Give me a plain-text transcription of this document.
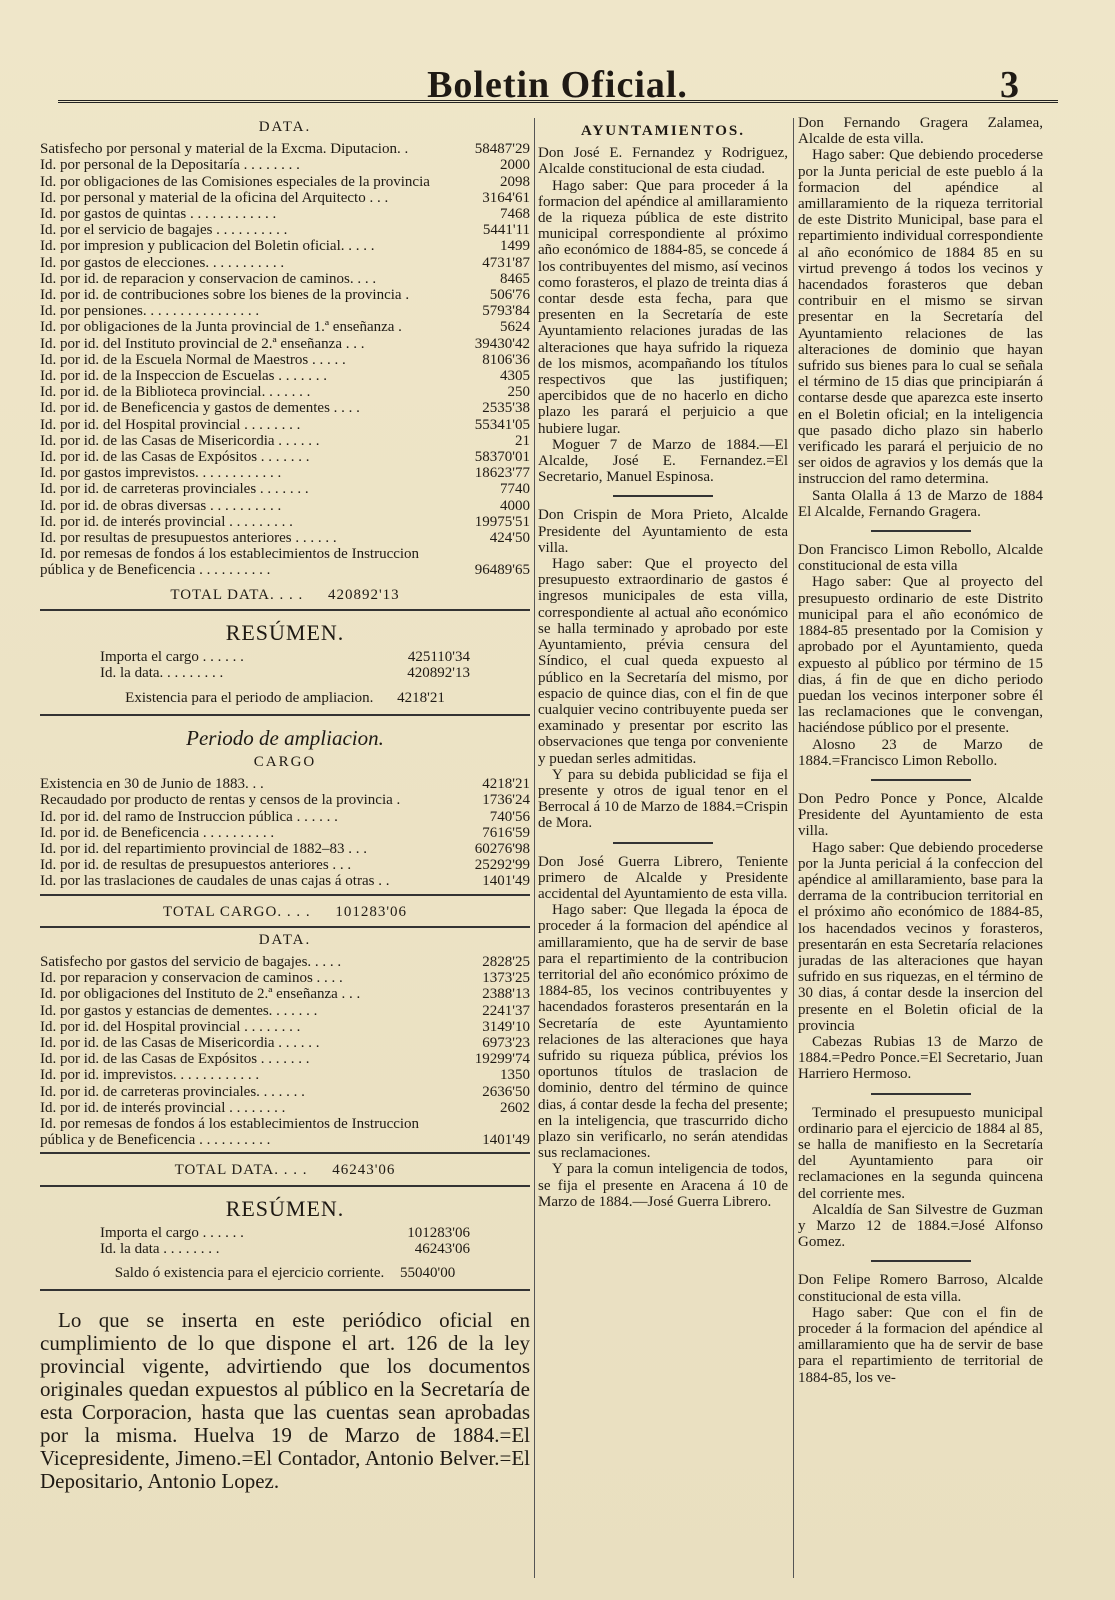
Boletin Oficial.	3
DATA.
Satisfecho por personal y material de la Excma. Diputacion. .	58487'29
Id. por personal de la Depositaría . . . . . . . .	2000
Id. por obligaciones de las Comisiones especiales de la provincia	2098
Id. por personal y material de la oficina del Arquitecto . . .	3164'61
Id. por gastos de quintas . . . . . . . . . . . .	7468
Id. por el servicio de bagajes . . . . . . . . . .	5441'11
Id. por impresion y publicacion del Boletin oficial. . . . .	1499
Id. por gastos de elecciones. . . . . . . . . . .	4731'87
Id. por id. de reparacion y conservacion de caminos. . . .	8465
Id. por id. de contribuciones sobre los bienes de la provincia .	506'76
Id. por pensiones. . . . . . . . . . . . . . . .	5793'84
Id. por obligaciones de la Junta provincial de 1.ª enseñanza .	5624
Id. por id. del Instituto provincial de 2.ª enseñanza . . .	39430'42
Id. por id. de la Escuela Normal de Maestros . . . . .	8106'36
Id. por id. de la Inspeccion de Escuelas . . . . . . .	4305
Id. por id. de la Biblioteca provincial. . . . . . .	250
Id. por id. de Beneficencia y gastos de dementes . . . .	2535'38
Id. por id. del Hospital provincial . . . . . . . .	55341'05
Id. por id. de las Casas de Misericordia . . . . . .	21
Id. por id. de las Casas de Expósitos . . . . . . .	58370'01
Id. por gastos imprevistos. . . . . . . . . . . .	18623'77
Id. por id. de carreteras provinciales . . . . . . .	7740
Id. por id. de obras diversas . . . . . . . . . .	4000
Id. por id. de interés provincial . . . . . . . . .	19975'51
Id. por resultas de presupuestos anteriores . . . . . .	424'50
Id. por remesas de fondos á los establecimientos de Instruccion
pública y de Beneficencia . . . . . . . . . .	96489'65
TOTAL DATA. . . . 420892'13
RESÚMEN.
Importa el cargo . . . . . .	425110'34
Id. la data. . . . . . . . .	420892'13
Existencia para el periodo de ampliacion. 4218'21
Periodo de ampliacion.
CARGO
Existencia en 30 de Junio de 1883. . .	4218'21
Recaudado por producto de rentas y censos de la provincia .	1736'24
Id. por id. del ramo de Instruccion pública . . . . . .	740'56
Id. por id. de Beneficencia . . . . . . . . . .	7616'59
Id. por id. del repartimiento provincial de 1882–83 . . .	60276'98
Id. por id. de resultas de presupuestos anteriores . . .	25292'99
Id. por las traslaciones de caudales de unas cajas á otras . .	1401'49
TOTAL CARGO. . . . 101283'06
DATA.
Satisfecho por gastos del servicio de bagajes. . . . .	2828'25
Id. por reparacion y conservacion de caminos . . . .	1373'25
Id. por obligaciones del Instituto de 2.ª enseñanza . . .	2388'13
Id. por gastos y estancias de dementes. . . . . . .	2241'37
Id. por id. del Hospital provincial . . . . . . . .	3149'10
Id. por id. de las Casas de Misericordia . . . . . .	6973'23
Id. por id. de las Casas de Expósitos . . . . . . .	19299'74
Id. por id. imprevistos. . . . . . . . . . . .	1350
Id. por id. de carreteras provinciales. . . . . . .	2636'50
Id. por id. de interés provincial . . . . . . . .	2602
Id. por remesas de fondos á los establecimientos de Instruccion
pública y de Beneficencia . . . . . . . . . .	1401'49
TOTAL DATA. . . . 46243'06
RESÚMEN.
Importa el cargo . . . . . .	101283'06
Id. la data . . . . . . . .	46243'06
Saldo ó existencia para el ejercicio corriente. 55040'00
Lo que se inserta en este periódico oficial en cumplimiento de lo que dispone el art. 126 de la ley provincial vigente, advirtiendo que los documentos originales quedan expuestos al público en la Secretaría de esta Corporacion, hasta que las cuentas sean aprobadas por la misma. Huelva 19 de Marzo de 1884.=El Vicepresidente, Jimeno.=El Contador, Antonio Belver.=El Depositario, Antonio Lopez.
AYUNTAMIENTOS.

Don José E. Fernandez y Rodriguez, Alcalde constitucional de esta ciudad.

Hago saber: Que para proceder á la formacion del apéndice al amillaramiento de la riqueza pública de este distrito municipal correspondiente al próximo año económico de 1884-85, se concede á los contribuyentes del mismo, así vecinos como forasteros, el plazo de treinta dias á contar desde esta fecha, para que presenten en la Secretaría de este Ayuntamiento relaciones juradas de las alteraciones que haya sufrido la riqueza de los mismos, acompañando los títulos respectivos que las justifiquen; apercibidos que de no hacerlo en dicho plazo les parará el perjuicio a que hubiere lugar.

Moguer 7 de Marzo de 1884.—El Alcalde, José E. Fernandez.=El Secretario, Manuel Espinosa.

Don Crispin de Mora Prieto, Alcalde Presidente del Ayuntamiento de esta villa.

Hago saber: Que el proyecto del presupuesto extraordinario de gastos é ingresos municipales de esta villa, correspondiente al actual año económico se halla terminado y aprobado por este Ayuntamiento, prévia censura del Síndico, el cual queda expuesto al público en la Secretaría del mismo, por espacio de quince dias, con el fin de que cualquier vecino contribuyente pueda ser examinado y presentar por escrito las observaciones que tenga por conveniente y puedan serles admitidas.

Y para su debida publicidad se fija el presente y otros de igual tenor en el Berrocal á 10 de Marzo de 1884.=Crispin de Mora.

Don José Guerra Librero, Teniente primero de Alcalde y Presidente accidental del Ayuntamiento de esta villa.

Hago saber: Que llegada la época de proceder á la formacion del apéndice al amillaramiento, que ha de servir de base para el repartimiento de la contribucion territorial del año económico próximo de 1884-85, los vecinos contribuyentes y hacendados forasteros presentarán en la Secretaría de este Ayuntamiento relaciones de las alteraciones que haya sufrido su riqueza pública, prévios los oportunos títulos de traslacion de dominio, dentro del término de quince dias, á contar desde la fecha del presente; en la inteligencia, que trascurrido dicho plazo sin verificarlo, no serán atendidas sus reclamaciones.

Y para la comun inteligencia de todos, se fija el presente en Aracena á 10 de Marzo de 1884.—José Guerra Librero.

Don Fernando Gragera Zalamea, Alcalde de esta villa.

Hago saber: Que debiendo procederse por la Junta pericial de este pueblo á la formacion del apéndice al amillaramiento de la riqueza territorial de este Distrito Municipal, base para el repartimiento individual correspondiente al año económico de 1884 85 en su virtud prevengo á todos los vecinos y hacendados forasteros que deban contribuir en el mismo se sirvan presentar en la Secretaría del Ayuntamiento relaciones de las alteraciones de dominio que hayan sufrido sus bienes para lo cual se señala el término de 15 dias que principiarán á contarse desde que aparezca este inserto en el Boletin oficial; en la inteligencia que pasado dicho plazo sin haberlo verificado les parará el perjuicio de no ser oidos de agravios y los demás que la instruccion del ramo determina.

Santa Olalla á 13 de Marzo de 1884 El Alcalde, Fernando Gragera.

Don Francisco Limon Rebollo, Alcalde constitucional de esta villa

Hago saber: Que al proyecto del presupuesto ordinario de este Distrito municipal para el año económico de 1884-85 presentado por la Comision y aprobado por el Ayuntamiento, queda expuesto al público por término de 15 dias, á fin de que en dicho periodo puedan los vecinos interponer sobre él las reclamaciones que le convengan, haciéndose público por el presente.

Alosno 23 de Marzo de 1884.=Francisco Limon Rebollo.

Don Pedro Ponce y Ponce, Alcalde Presidente del Ayuntamiento de esta villa.

Hago saber: Que debiendo procederse por la Junta pericial á la confeccion del apéndice al amillaramiento, base para la derrama de la contribucion territorial en el próximo año económico de 1884-85, los hacendados vecinos y forasteros, presentarán en esta Secretaría relaciones juradas de las alteraciones que hayan sufrido en sus riquezas, en el término de 30 dias, á contar desde la insercion del presente en el Boletin oficial de la provincia

Cabezas Rubias 13 de Marzo de 1884.=Pedro Ponce.=El Secretario, Juan Harriero Hermoso.

Terminado el presupuesto municipal ordinario para el ejercicio de 1884 al 85, se halla de manifiesto en la Secretaría del Ayuntamiento para oir reclamaciones en la segunda quincena del corriente mes.

Alcaldía de San Silvestre de Guzman y Marzo 12 de 1884.=José Alfonso Gomez.

Don Felipe Romero Barroso, Alcalde constitucional de esta villa.

Hago saber: Que con el fin de proceder á la formacion del apéndice al amillaramiento que ha de servir de base para el repartimiento de territorial de 1884-85, los ve-
